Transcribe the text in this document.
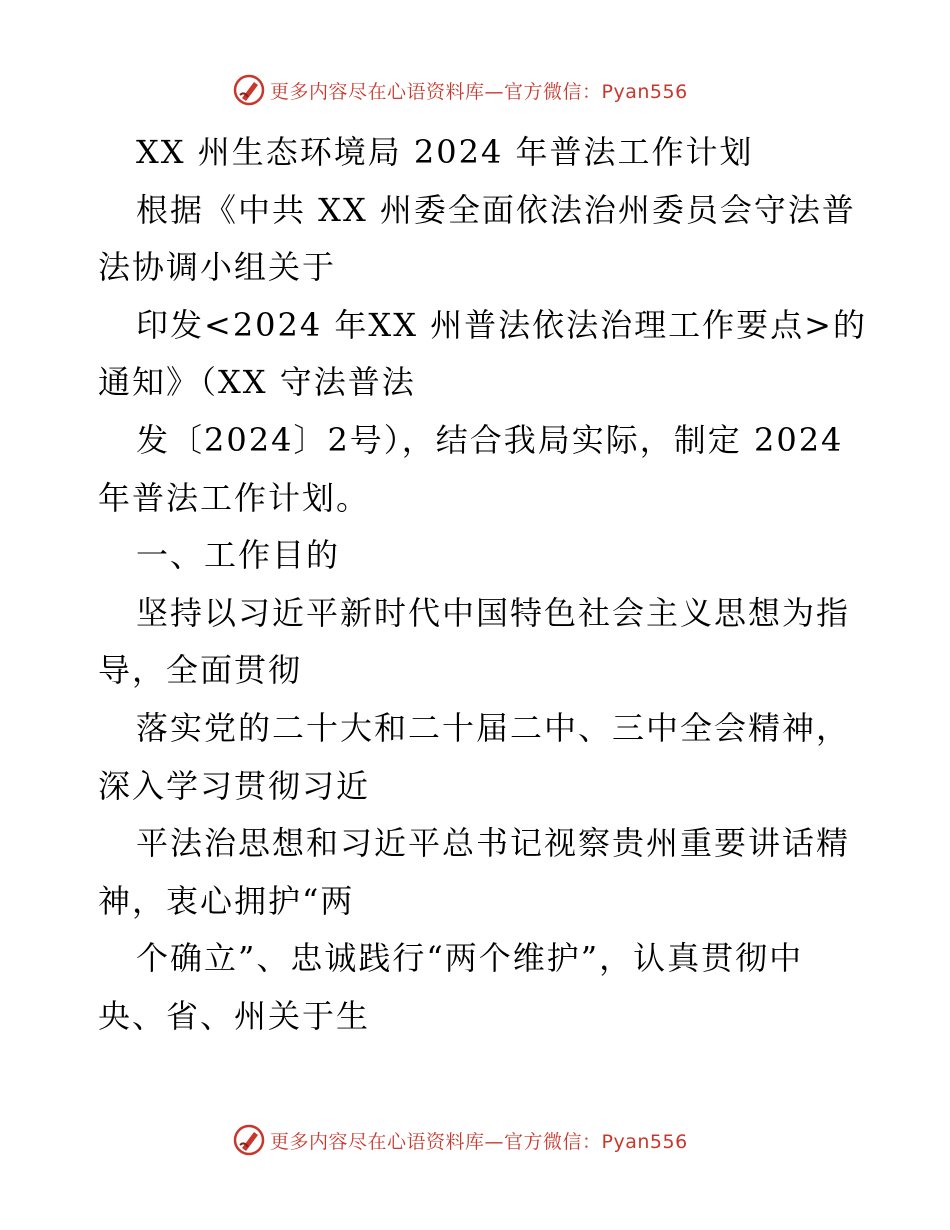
更多内容尽在心语资料库—官方微信：Pyan556
XX 州生态环境局 2024 年普法工作计划
根据《中共 XX 州委全面依法治州委员会守法普
法协调小组关于
印发<2024 年XX 州普法依法治理工作要点>的
通知》（XX 守法普法
发〔2024〕2号），结合我局实际，制定 2024
年普法工作计划。
一、工作目的
坚持以习近平新时代中国特色社会主义思想为指
导，全面贯彻
落实党的二十大和二十届二中、三中全会精神，
深入学习贯彻习近
平法治思想和习近平总书记视察贵州重要讲话精
神，衷心拥护“两
个确立”、忠诚践行“两个维护”，认真贯彻中
央、省、州关于生
更多内容尽在心语资料库—官方微信：Pyan556
